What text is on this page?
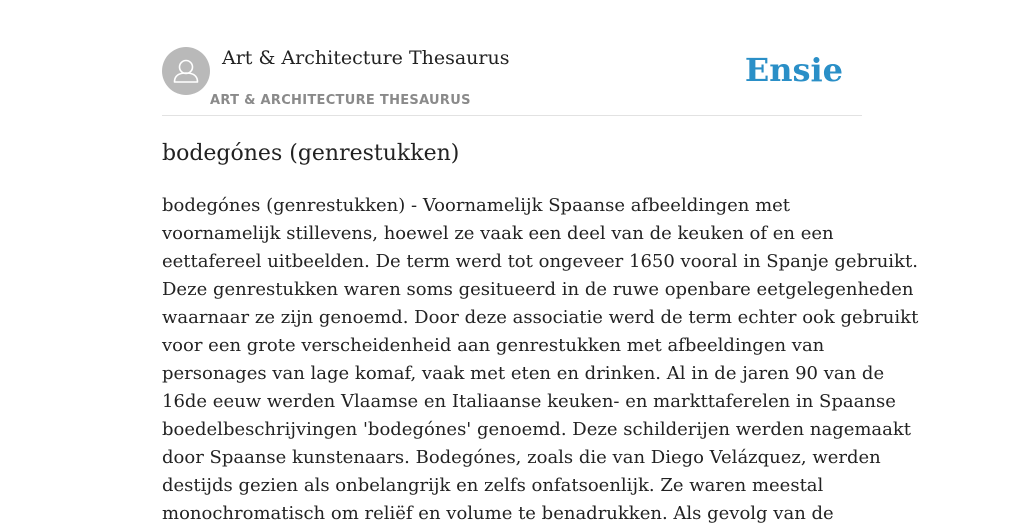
Art & Architecture Thesaurus
ART & ARCHITECTURE THESAURUS
Ensie
bodegónes (genrestukken)

bodegónes (genrestukken) - Voornamelijk Spaanse afbeeldingen met
voornamelijk stillevens, hoewel ze vaak een deel van de keuken of en een
eettafereel uitbeelden. De term werd tot ongeveer 1650 vooral in Spanje gebruikt.
Deze genrestukken waren soms gesitueerd in de ruwe openbare eetgelegenheden
waarnaar ze zijn genoemd. Door deze associatie werd de term echter ook gebruikt
voor een grote verscheidenheid aan genrestukken met afbeeldingen van
personages van lage komaf, vaak met eten en drinken. Al in de jaren 90 van de
16de eeuw werden Vlaamse en Italiaanse keuken- en markttaferelen in Spaanse
boedelbeschrijvingen 'bodegónes' genoemd. Deze schilderijen werden nagemaakt
door Spaanse kunstenaars. Bodegónes, zoals die van Diego Velázquez, werden
destijds gezien als onbelangrijk en zelfs onfatsoenlijk. Ze waren meestal
monochromatisch om reliëf en volume te benadrukken. Als gevolg van de
